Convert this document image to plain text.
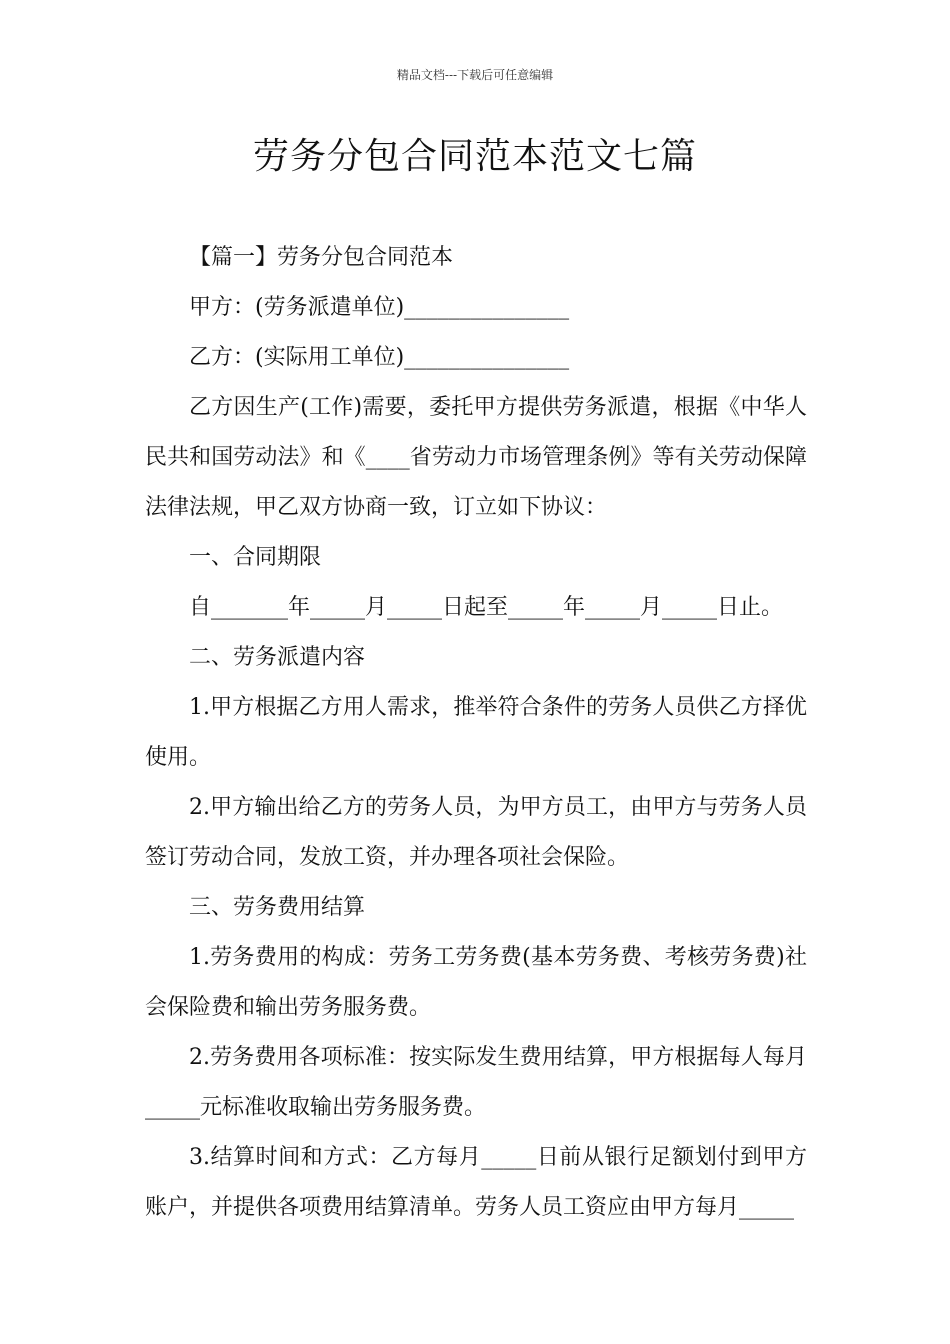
精品文档---下载后可任意编辑
劳务分包合同范本范文七篇

【篇一】劳务分包合同范本

甲方：(劳务派遣单位)_______________

乙方：(实际用工单位)_______________

乙方因生产(工作)需要，委托甲方提供劳务派遣，根据《中华人民共和国劳动法》和《____省劳动力市场管理条例》等有关劳动保障法律法规，甲乙双方协商一致，订立如下协议：

一、合同期限

自_______年_____月_____日起至_____年_____月_____日止。

二、劳务派遣内容

1.甲方根据乙方用人需求，推举符合条件的劳务人员供乙方择优使用。

2.甲方输出给乙方的劳务人员，为甲方员工，由甲方与劳务人员签订劳动合同，发放工资，并办理各项社会保险。

三、劳务费用结算

1.劳务费用的构成：劳务工劳务费(基本劳务费、考核劳务费)社会保险费和输出劳务服务费。

2.劳务费用各项标准：按实际发生费用结算，甲方根据每人每月_____元标准收取输出劳务服务费。

3.结算时间和方式：乙方每月_____日前从银行足额划付到甲方账户，并提供各项费用结算清单。劳务人员工资应由甲方每月_____
